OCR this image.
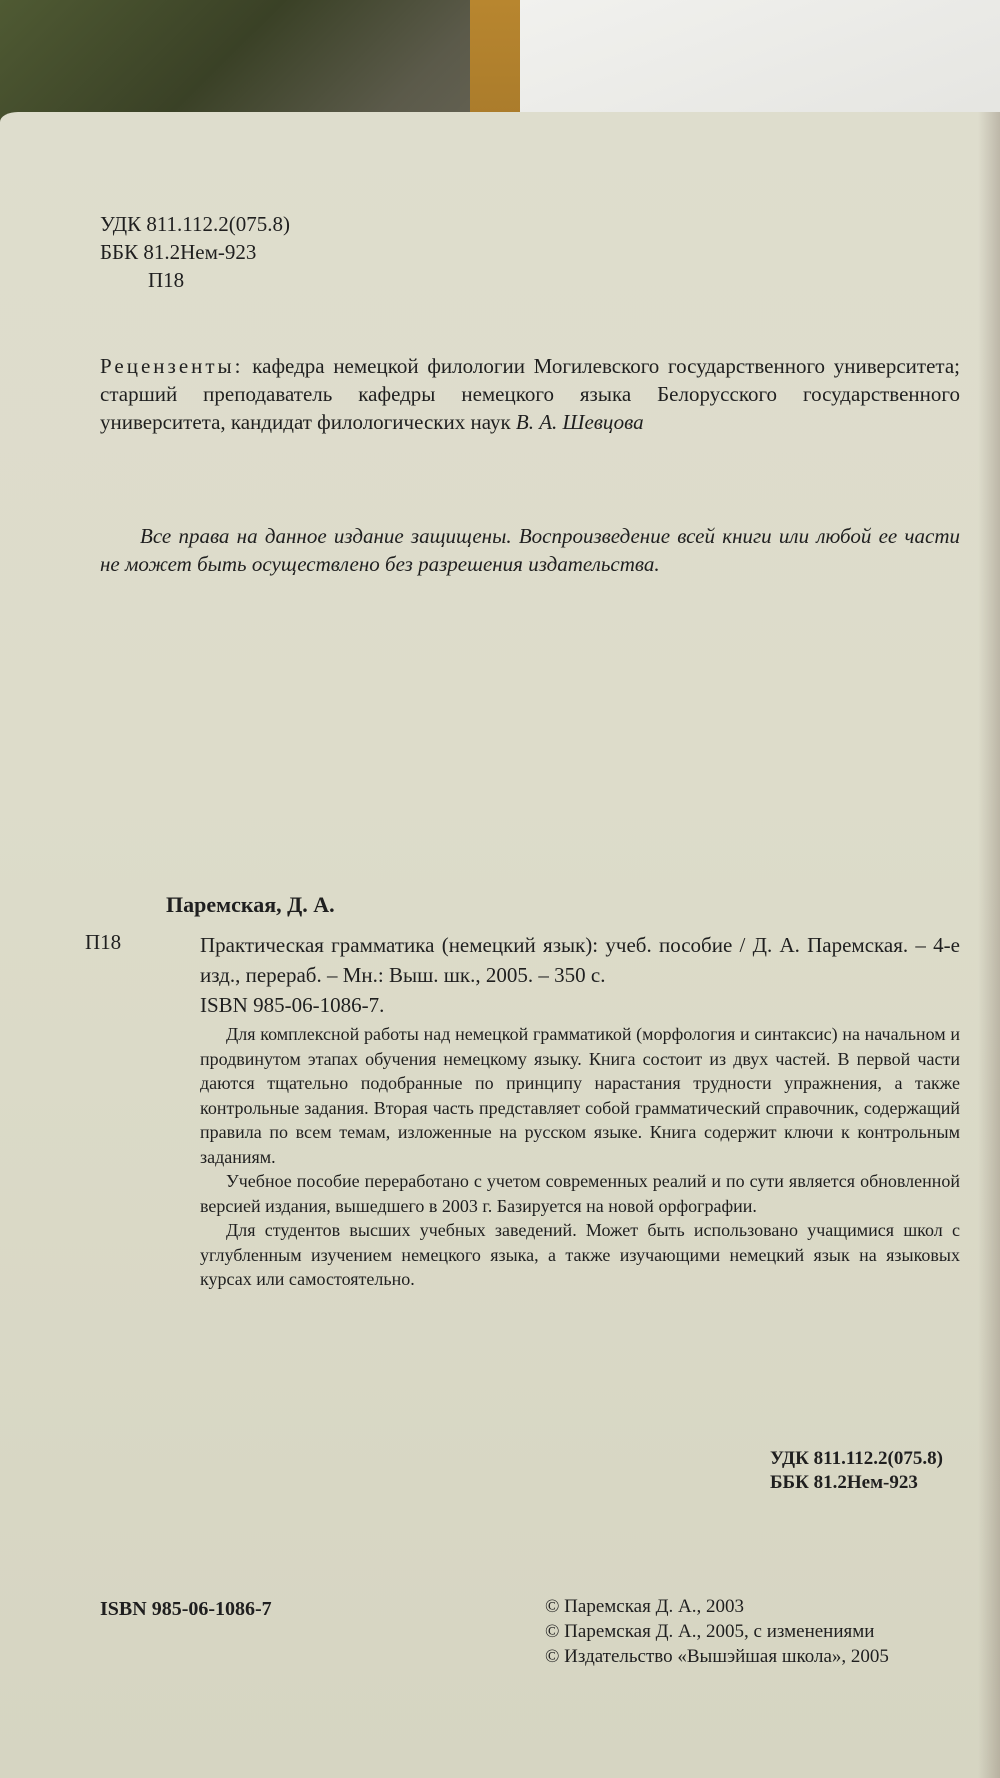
УДК 811.112.2(075.8)
ББК 81.2Нем-923
П18
Рецензенты: кафедра немецкой филологии Могилевского государственного университета; старший преподаватель кафедры немецкого языка Белорусского государственного университета, кандидат филологических наук В. А. Шевцова
Все права на данное издание защищены. Воспроизведение всей книги или любой ее части не может быть осуществлено без разрешения издательства.
Паремская, Д. А.
П18	Практическая грамматика (немецкий язык): учеб. пособие / Д. А. Паремская. – 4-е изд., перераб. – Мн.: Выш. шк., 2005. – 350 с.
ISBN 985-06-1086-7.

Для комплексной работы над немецкой грамматикой (морфология и синтаксис) на начальном и продвинутом этапах обучения немецкому языку. Книга состоит из двух частей. В первой части даются тщательно подобранные по принципу нарастания трудности упражнения, а также контрольные задания. Вторая часть представляет собой грамматический справочник, содержащий правила по всем темам, изложенные на русском языке. Книга содержит ключи к контрольным заданиям.

Учебное пособие переработано с учетом современных реалий и по сути является обновленной версией издания, вышедшего в 2003 г. Базируется на новой орфографии.

Для студентов высших учебных заведений. Может быть использовано учащимися школ с углубленным изучением немецкого языка, а также изучающими немецкий язык на языковых курсах или самостоятельно.

УДК 811.112.2(075.8)
ББК 81.2Нем-923
ISBN 985-06-1086-7	© Паремская Д. А., 2003
© Паремская Д. А., 2005, с изменениями
© Издательство «Вышэйшая школа», 2005
